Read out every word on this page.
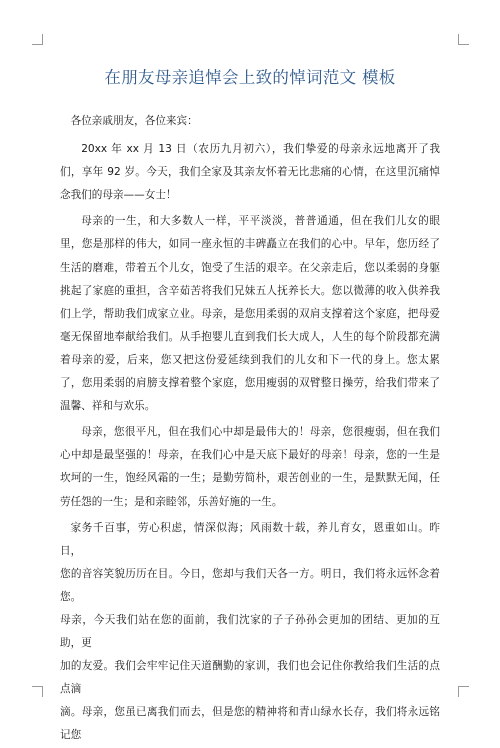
在朋友母亲追悼会上致的悼词范文 模板

各位亲戚朋友，各位来宾：

20xx 年 xx 月 13 日（农历九月初六），我们挚爱的母亲永远地离开了我们，享年 92 岁。今天，我们全家及其亲友怀着无比悲痛的心情，在这里沉痛悼念我们的母亲——女士！

母亲的一生，和大多数人一样，平平淡淡，普普通通，但在我们儿女的眼里，您是那样的伟大，如同一座永恒的丰碑矗立在我们的心中。早年，您历经了生活的磨难，带着五个儿女，饱受了生活的艰辛。在父亲走后，您以柔弱的身躯挑起了家庭的重担，含辛茹苦将我们兄妹五人抚养长大。您以微薄的收入供养我们上学，帮助我们成家立业。母亲，是您用柔弱的双肩支撑着这个家庭，把母爱毫无保留地奉献给我们。从手抱婴儿直到我们长大成人，人生的每个阶段都充满着母亲的爱，后来，您又把这份爱延续到我们的儿女和下一代的身上。您太累了，您用柔弱的肩膀支撑着整个家庭，您用瘦弱的双臂整日操劳，给我们带来了温馨、祥和与欢乐。

母亲，您很平凡，但在我们心中却是最伟大的！母亲，您很瘦弱，但在我们心中却是最坚强的！母亲，在我们心中是天底下最好的母亲！母亲，您的一生是坎坷的一生，饱经风霜的一生；是勤劳简朴，艰苦创业的一生，是默默无闻，任劳任怨的一生；是和亲睦邻，乐善好施的一生。

家务千百事，劳心积虑，情深似海；风雨数十载，养儿育女，恩重如山。昨日，

您的音容笑貌历历在目。今日，您却与我们天各一方。明日，我们将永远怀念着您。

母亲，今天我们站在您的面前，我们沈家的子子孙孙会更加的团结、更加的互助，更

加的友爱。我们会牢牢记住天道酬勤的家训，我们也会记住你教给我们生活的点点滴

滴。母亲，您虽已离我们而去，但是您的精神将和青山绿水长存，我们将永远铭记您
